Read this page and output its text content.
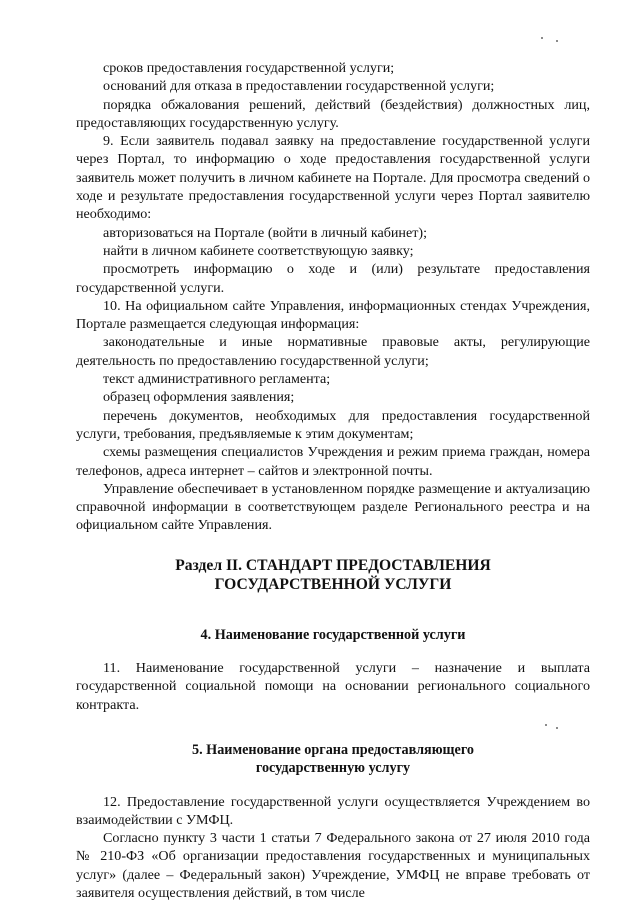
сроков предоставления государственной услуги;

оснований для отказа в предоставлении государственной услуги;

порядка обжалования решений, действий (бездействия) должностных лиц, предоставляющих государственную услугу.

9. Если заявитель подавал заявку на предоставление государственной услуги через Портал, то информацию о ходе предоставления государственной услуги заявитель может получить в личном кабинете на Портале. Для просмотра сведений о ходе и результате предоставления государственной услуги через Портал заявителю необходимо:

авторизоваться на Портале (войти в личный кабинет);

найти в личном кабинете соответствующую заявку;

просмотреть информацию о ходе и (или) результате предоставления государственной услуги.

10. На официальном сайте Управления, информационных стендах Учреждения, Портале размещается следующая информация:

законодательные и иные нормативные правовые акты, регулирующие деятельность по предоставлению государственной услуги;

текст административного регламента;

образец оформления заявления;

перечень документов, необходимых для предоставления государственной услуги, требования, предъявляемые к этим документам;

схемы размещения специалистов Учреждения и режим приема граждан, номера телефонов, адреса интернет – сайтов и электронной почты.

Управление обеспечивает в установленном порядке размещение и актуализацию справочной информации в соответствующем разделе Регионального реестра и на официальном сайте Управления.

Раздел II. СТАНДАРТ ПРЕДОСТАВЛЕНИЯ
ГОСУДАРСТВЕННОЙ УСЛУГИ
4. Наименование государственной услуги

11. Наименование государственной услуги – назначение и выплата государственной социальной помощи на основании регионального социального контракта.

5. Наименование органа предоставляющего
государственную услугу

12. Предоставление государственной услуги осуществляется Учреждением во взаимодействии с УМФЦ.

Согласно пункту 3 части 1 статьи 7 Федерального закона от 27 июля 2010 года № 210-ФЗ «Об организации предоставления государственных и муниципальных услуг» (далее – Федеральный закон) Учреждение, УМФЦ не вправе требовать от заявителя осуществления действий, в том числе
